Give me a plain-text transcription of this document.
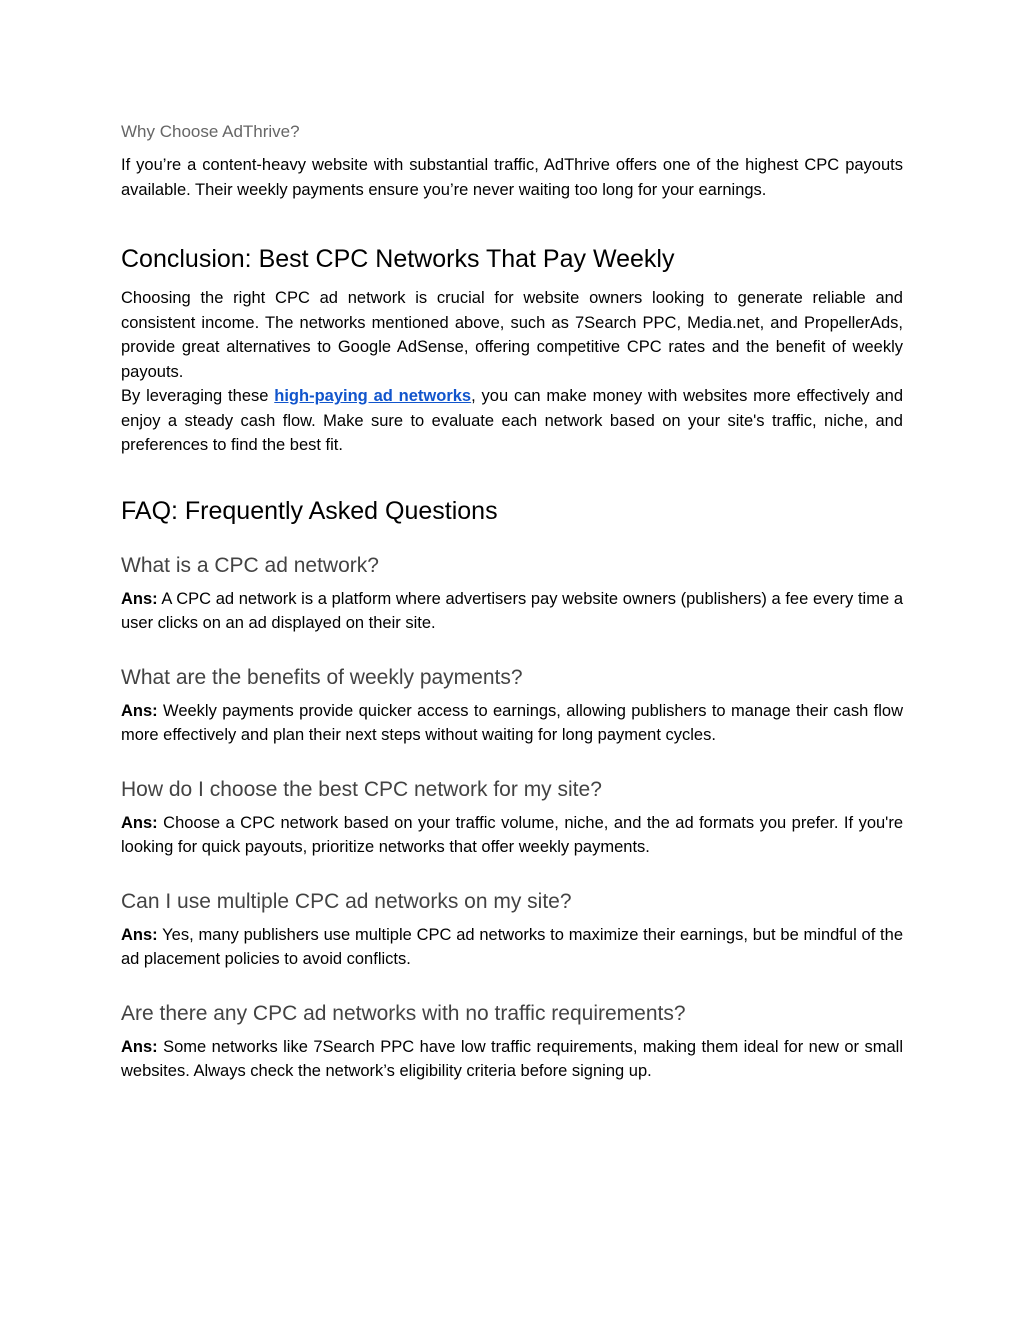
Why Choose AdThrive?

If you’re a content-heavy website with substantial traffic, AdThrive offers one of the highest CPC payouts available. Their weekly payments ensure you’re never waiting too long for your earnings.

Conclusion: Best CPC Networks That Pay Weekly

Choosing the right CPC ad network is crucial for website owners looking to generate reliable and consistent income. The networks mentioned above, such as 7Search PPC, Media.net, and PropellerAds, provide great alternatives to Google AdSense, offering competitive CPC rates and the benefit of weekly payouts.

By leveraging these high-paying ad networks, you can make money with websites more effectively and enjoy a steady cash flow. Make sure to evaluate each network based on your site's traffic, niche, and preferences to find the best fit.

FAQ: Frequently Asked Questions
What is a CPC ad network?

Ans: A CPC ad network is a platform where advertisers pay website owners (publishers) a fee every time a user clicks on an ad displayed on their site.

What are the benefits of weekly payments?

Ans: Weekly payments provide quicker access to earnings, allowing publishers to manage their cash flow more effectively and plan their next steps without waiting for long payment cycles.

How do I choose the best CPC network for my site?

Ans: Choose a CPC network based on your traffic volume, niche, and the ad formats you prefer. If you're looking for quick payouts, prioritize networks that offer weekly payments.

Can I use multiple CPC ad networks on my site?

Ans: Yes, many publishers use multiple CPC ad networks to maximize their earnings, but be mindful of the ad placement policies to avoid conflicts.

Are there any CPC ad networks with no traffic requirements?

Ans: Some networks like 7Search PPC have low traffic requirements, making them ideal for new or small websites. Always check the network’s eligibility criteria before signing up.
